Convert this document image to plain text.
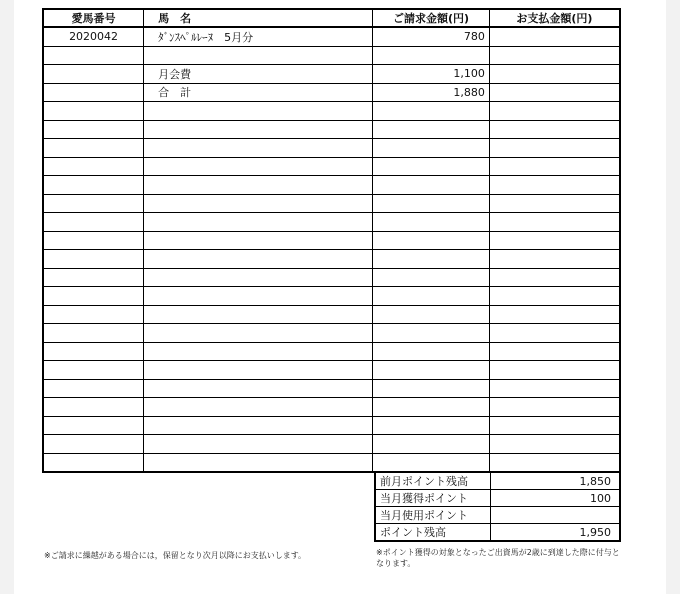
愛馬番号	馬　名	ご請求金額(円)	お支払金額(円)
2020042	ﾀﾞﾝｽﾍﾟﾙﾚｰﾇ　5月分	780	

	月会費	1,100	
	合　計	1,880	

前月ポイント残高	1,850
当月獲得ポイント	100
当月使用ポイント	
ポイント残高	1,950
※ご請求に繰越がある場合には，保留となり次月以降にお支払いします。	※ポイント獲得の対象となったご出資馬が2歳に到達した際に付与となります。
